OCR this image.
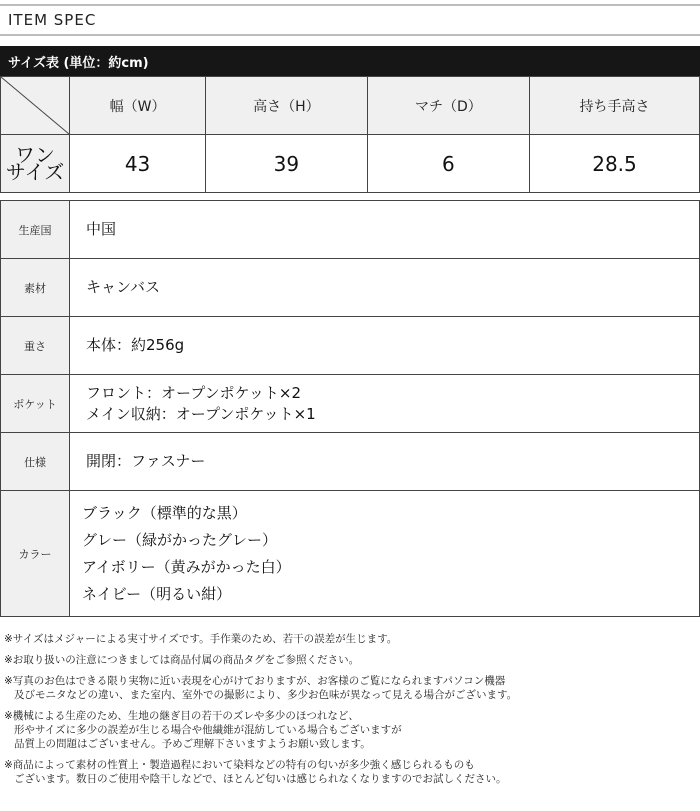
ITEM SPEC
サイズ表 (単位：約cm)
	幅（W）	高さ（H）	マチ（D）	持ち手高さ

ワン
サイズ	43	39	6	28.5
生産国	中国
素材	キャンバス
重さ	本体：約256g
ポケット	フロント：オープンポケット×2
メイン収納：オープンポケット×1

仕様	開閉：ファスナー
カラー	ブラック（標準的な黒）
グレー（緑がかったグレー）
アイボリー（黄みがかった白）
ネイビー（明るい紺）
※サイズはメジャーによる実寸サイズです。手作業のため、若干の誤差が生じます。
※お取り扱いの注意につきましては商品付属の商品タグをご参照ください。
※写真のお色はできる限り実物に近い表現を心がけておりますが、お客様のご覧になられますパソコン機器
及びモニタなどの違い、また室内、室外での撮影により、多少お色味が異なって見える場合がございます。
※機械による生産のため、生地の継ぎ目の若干のズレや多少のほつれなど、
形やサイズに多少の誤差が生じる場合や他繊維が混紡している場合もございますが
品質上の問題はございません。予めご理解下さいますようお願い致します。
※商品によって素材の性質上・製造過程において染料などの特有の匂いが多少強く感じられるものも
ございます。数日のご使用や陰干しなどで、ほとんど匂いは感じられなくなりますのでお試しください。
